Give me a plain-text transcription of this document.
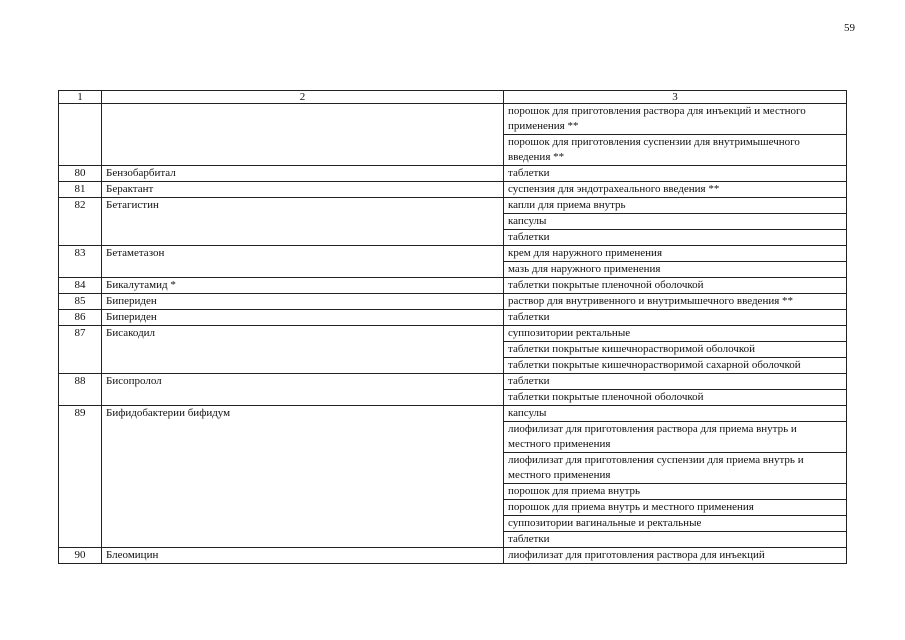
59
1	2	3
		порошок для приготовления раствора для инъекций и местного применения **
		порошок для приготовления суспензии для внутримышечного введения **
80	Бензобарбитал	таблетки
81	Берактант	суспензия для эндотрахеального введения **
82	Бетагистин	капли для приема внутрь
		капсулы
		таблетки
83	Бетаметазон	крем для наружного применения
		мазь для наружного применения
84	Бикалутамид *	таблетки покрытые пленочной оболочкой
85	Бипериден	раствор для внутривенного и внутримышечного введения **
86	Бипериден	таблетки
87	Бисакодил	суппозитории ректальные
		таблетки покрытые кишечнорастворимой оболочкой
		таблетки покрытые кишечнорастворимой сахарной оболочкой
88	Бисопролол	таблетки
		таблетки покрытые пленочной оболочкой
89	Бифидобактерии бифидум	капсулы
		лиофилизат для приготовления раствора для приема внутрь и местного применения
		лиофилизат для приготовления суспензии для приема внутрь и местного применения
		порошок для приема внутрь
		порошок для приема внутрь и местного применения
		суппозитории вагинальные и ректальные
		таблетки
90	Блеомицин	лиофилизат для приготовления раствора для инъекций
